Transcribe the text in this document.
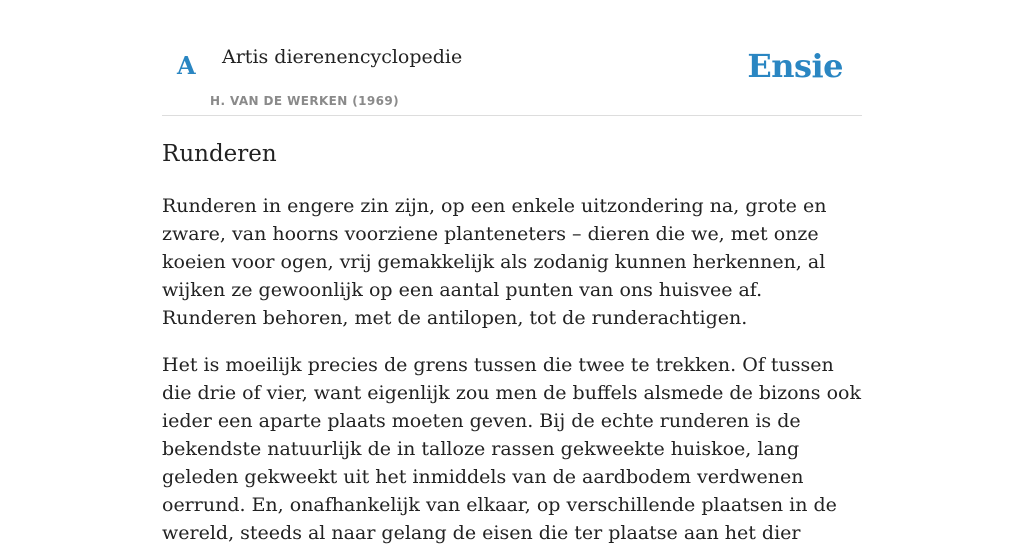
A Artis dierenencyclopedie
H. VAN DE WERKEN (1969)
Ensie
Runderen

Runderen in engere zin zijn, op een enkele uitzondering na, grote en zware, van hoorns voorziene planteneters – dieren die we, met onze koeien voor ogen, vrij gemakkelijk als zodanig kunnen herkennen, al wijken ze gewoonlijk op een aantal punten van ons huisvee af. Runderen behoren, met de antilopen, tot de runderachtigen.

Het is moeilijk precies de grens tussen die twee te trekken. Of tussen die drie of vier, want eigenlijk zou men de buffels alsmede de bizons ook ieder een aparte plaats moeten geven. Bij de echte runderen is de bekendste natuurlijk de in talloze rassen gekweekte huiskoe, lang geleden gekweekt uit het inmiddels van de aardbodem verdwenen oerrund. En, onafhankelijk van elkaar, op verschillende plaatsen in de wereld, steeds al naar gelang de eisen die ter plaatse aan het dier
